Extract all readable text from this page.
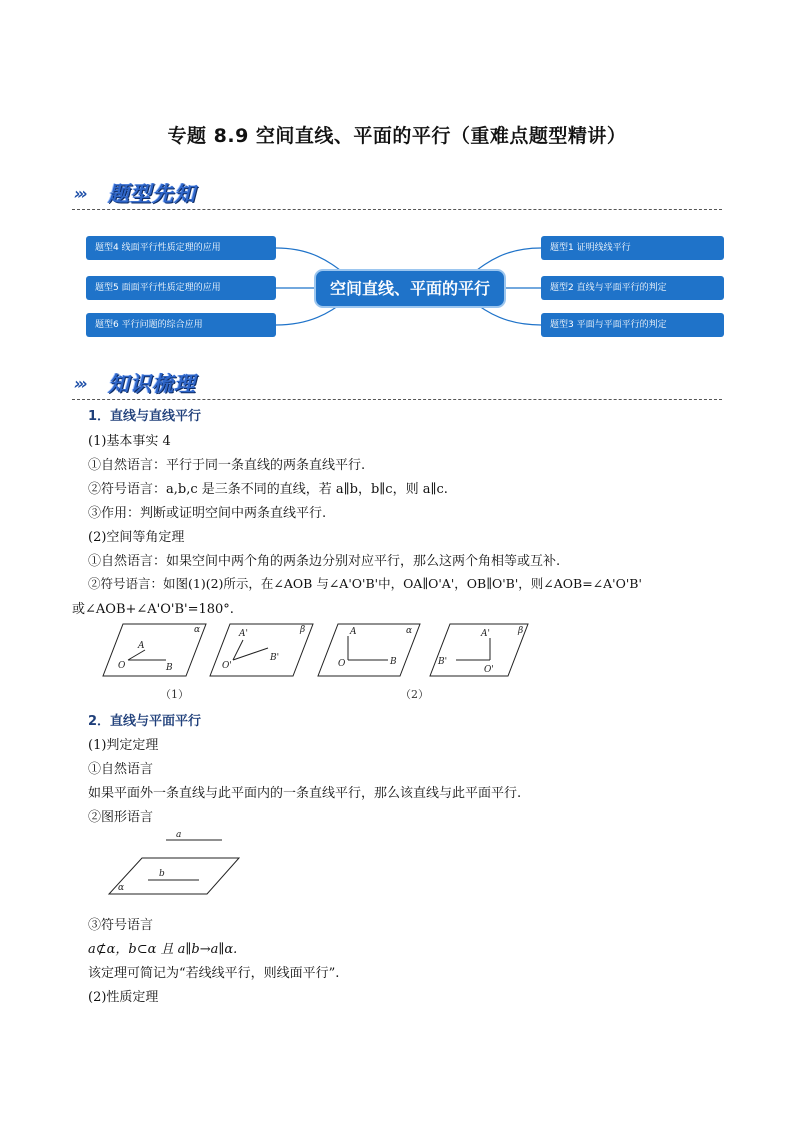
专题 8.9 空间直线、平面的平行（重难点题型精讲）
››› 题型先知
题型4 线面平行性质定理的应用
题型5 面面平行性质定理的应用
题型6 平行问题的综合应用
空间直线、平面的平行
题型1 证明线线平行
题型2 直线与平面平行的判定
题型3 平面与平面平行的判定
››› 知识梳理
1．直线与直线平行
(1)基本事实 4
①自然语言：平行于同一条直线的两条直线平行.
②符号语言：a,b,c 是三条不同的直线，若 a∥b，b∥c，则 a∥c.
③作用：判断或证明空间中两条直线平行.
(2)空间等角定理
①自然语言：如果空间中两个角的两条边分别对应平行，那么这两个角相等或互补.
②符号语言：如图(1)(2)所示，在∠AOB 与∠A'O'B'中，OA∥O'A'，OB∥O'B'，则∠AOB=∠A'O'B'
或∠AOB+∠A'O'B'=180°.
2．直线与平面平行
(1)判定定理
①自然语言
如果平面外一条直线与此平面内的一条直线平行，那么该直线与此平面平行.
②图形语言
③符号语言
a⊄α，b⊂α 且 a∥b→a∥α.
该定理可简记为“若线线平行，则线面平行”.
(2)性质定理
α
A
O	B
β
A'
O'
B'
α
A
O	B
β
A'
O'
B'
（1）	（2）
a
b
α
